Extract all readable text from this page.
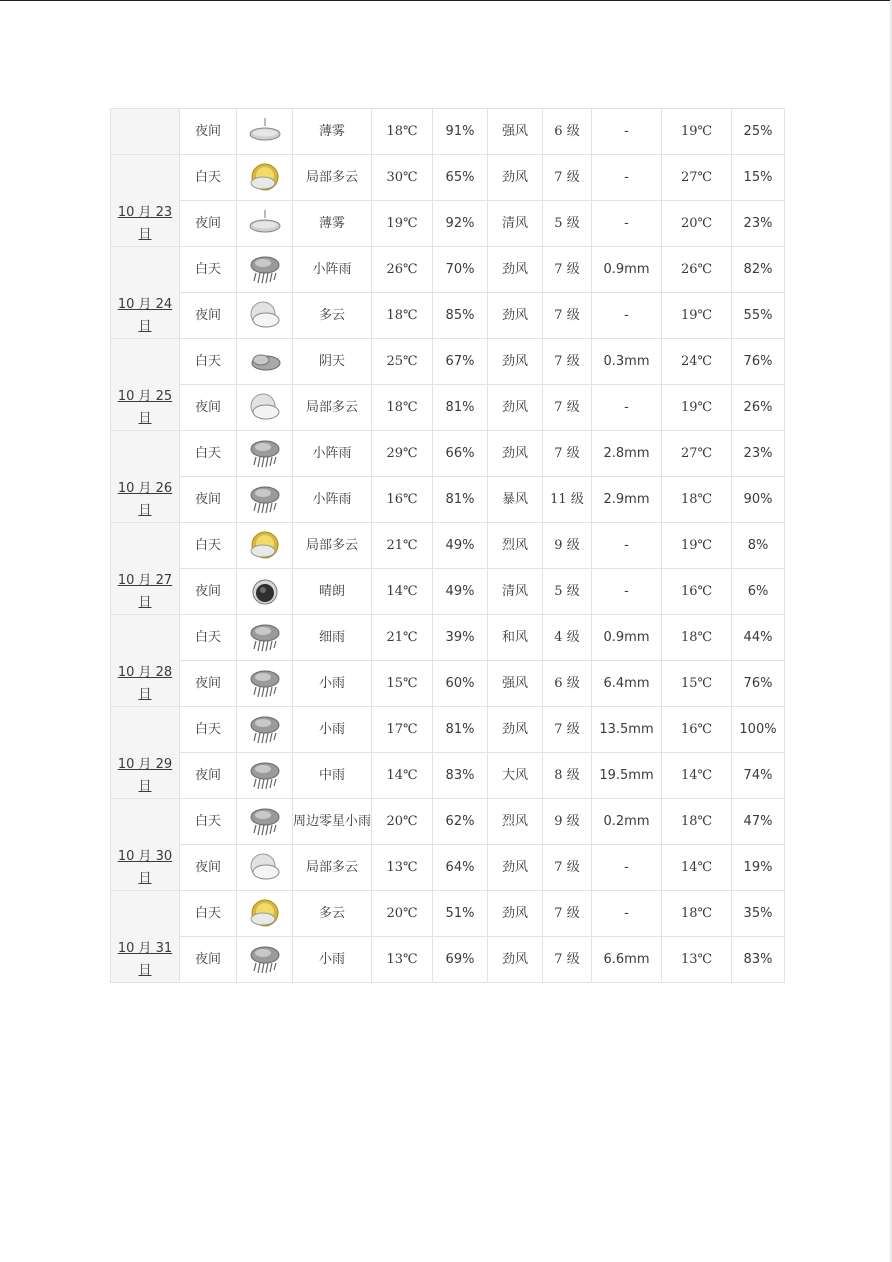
	夜间		薄雾	18℃	91%	强风	6 级	-	19℃	25%
10 月 23 日	白天		局部多云	30℃	65%	劲风	7 级	-	27℃	15%
	夜间		薄雾	19℃	92%	清风	5 级	-	20℃	23%
10 月 24 日	白天		小阵雨	26℃	70%	劲风	7 级	0.9mm	26℃	82%
	夜间		多云	18℃	85%	劲风	7 级	-	19℃	55%
10 月 25 日	白天		阴天	25℃	67%	劲风	7 级	0.3mm	24℃	76%
	夜间		局部多云	18℃	81%	劲风	7 级	-	19℃	26%
10 月 26 日	白天		小阵雨	29℃	66%	劲风	7 级	2.8mm	27℃	23%
	夜间		小阵雨	16℃	81%	暴风	11 级	2.9mm	18℃	90%
10 月 27 日	白天		局部多云	21℃	49%	烈风	9 级	-	19℃	8%
	夜间		晴朗	14℃	49%	清风	5 级	-	16℃	6%
10 月 28 日	白天		细雨	21℃	39%	和风	4 级	0.9mm	18℃	44%
	夜间		小雨	15℃	60%	强风	6 级	6.4mm	15℃	76%
10 月 29 日	白天		小雨	17℃	81%	劲风	7 级	13.5mm	16℃	100%
	夜间		中雨	14℃	83%	大风	8 级	19.5mm	14℃	74%
10 月 30 日	白天		周边零星小雨	20℃	62%	烈风	9 级	0.2mm	18℃	47%
	夜间		局部多云	13℃	64%	劲风	7 级	-	14℃	19%
10 月 31 日	白天		多云	20℃	51%	劲风	7 级	-	18℃	35%
	夜间		小雨	13℃	69%	劲风	7 级	6.6mm	13℃	83%
